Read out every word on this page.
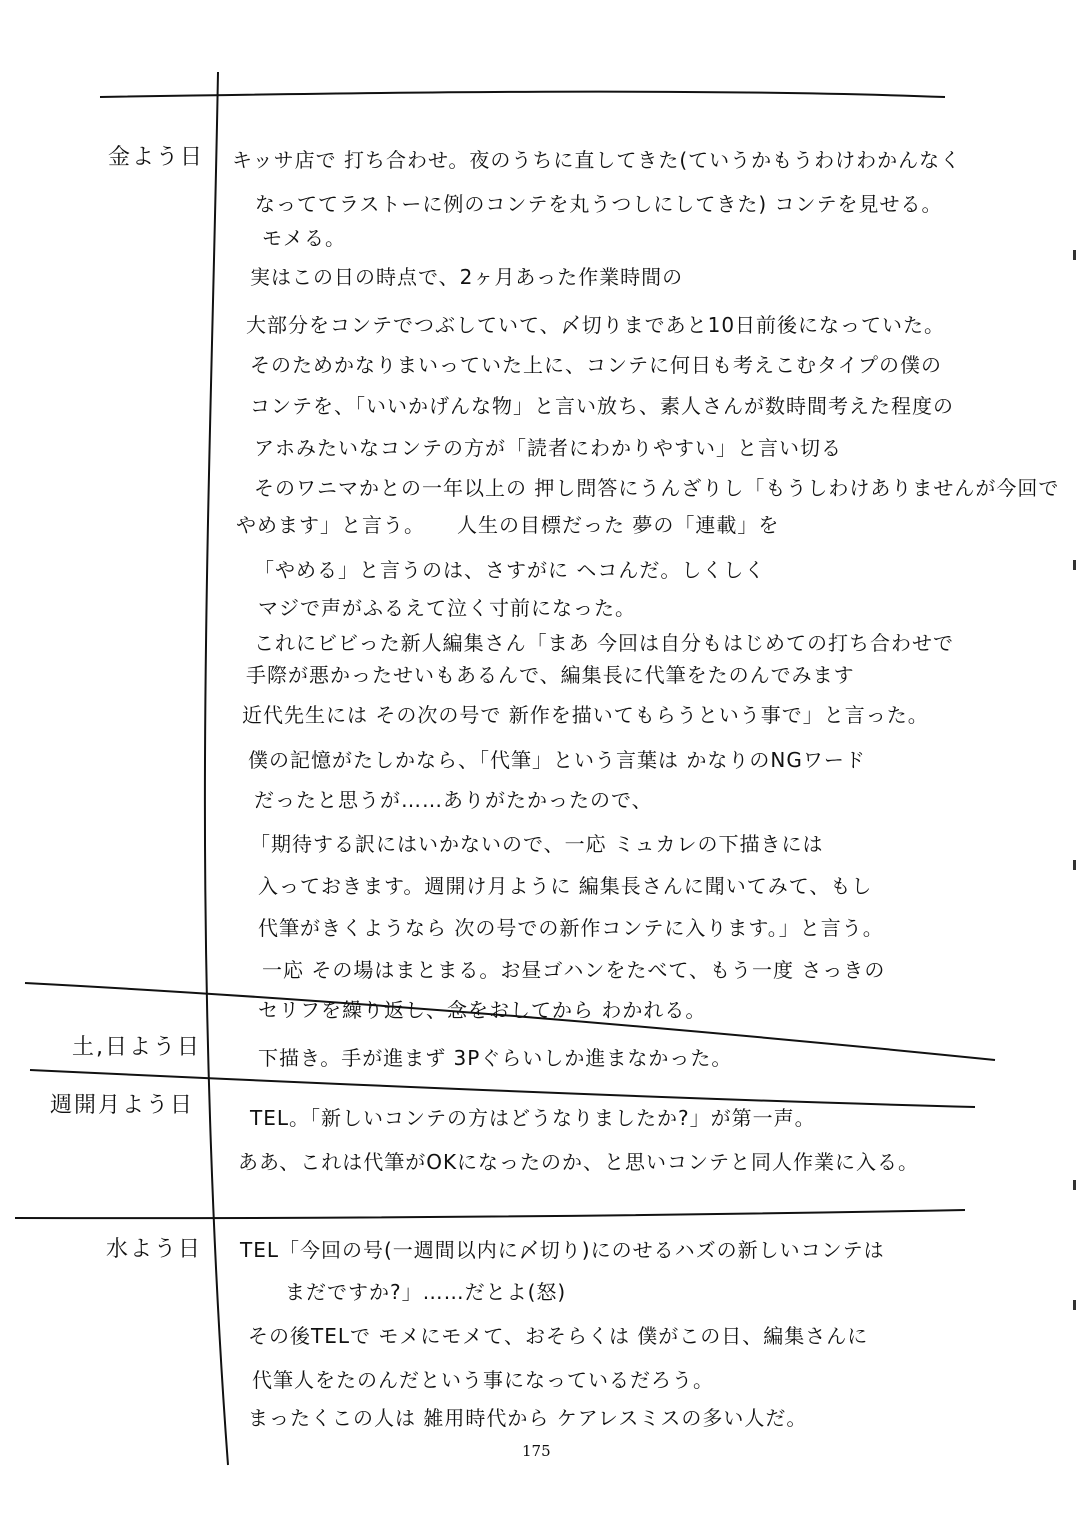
金よう日 キッサ店で 打ち合わせ。夜のうちに直してきた(ていうかもうわけわかんなく
なっててラストーに例のコンテを丸うつしにしてきた) コンテを見せる。
モメる。
実はこの日の時点で、2ヶ月あった作業時間の
大部分をコンテでつぶしていて、〆切りまであと10日前後になっていた。
そのためかなりまいっていた上に、コンテに何日も考えこむタイプの僕の
コンテを、「いいかげんな物」と言い放ち、素人さんが数時間考えた程度の
アホみたいなコンテの方が「読者にわかりやすい」と言い切る
そのワニマかとの一年以上の 押し問答にうんざりし「もうしわけありませんが今回で
やめます」と言う。　　人生の目標だった 夢の「連載」を
「やめる」と言うのは、さすがに ヘコんだ。しくしく
マジで声がふるえて泣く寸前になった。
これにビビった新人編集さん「まあ 今回は自分もはじめての打ち合わせで
手際が悪かったせいもあるんで、編集長に代筆をたのんでみます
近代先生には その次の号で 新作を描いてもらうという事で」と言った。
僕の記憶がたしかなら、「代筆」という言葉は かなりのNGワード
だったと思うが……ありがたかったので、
「期待する訳にはいかないので、一応 ミュカレの下描きには
入っておきます。週開け月ように 編集長さんに聞いてみて、もし
代筆がきくようなら 次の号での新作コンテに入ります。」と言う。
一応 その場はまとまる。お昼ゴハンをたべて、もう一度 さっきの
セリフを繰り返し、念をおしてから わかれる。
土,日よう日	下描き。手が進まず 3Pぐらいしか進まなかった。
週開月よう日	TEL。「新しいコンテの方はどうなりましたか?」が第一声。
ああ、これは代筆がOKになったのか、と思いコンテと同人作業に入る。
水よう日 TEL「今回の号(一週間以内に〆切り)にのせるハズの新しいコンテは
まだですか?」……だとよ(怒)
その後TELで モメにモメて、おそらくは 僕がこの日、編集さんに
代筆人をたのんだという事になっているだろう。
まったくこの人は 雑用時代から ケアレスミスの多い人だ。
175
